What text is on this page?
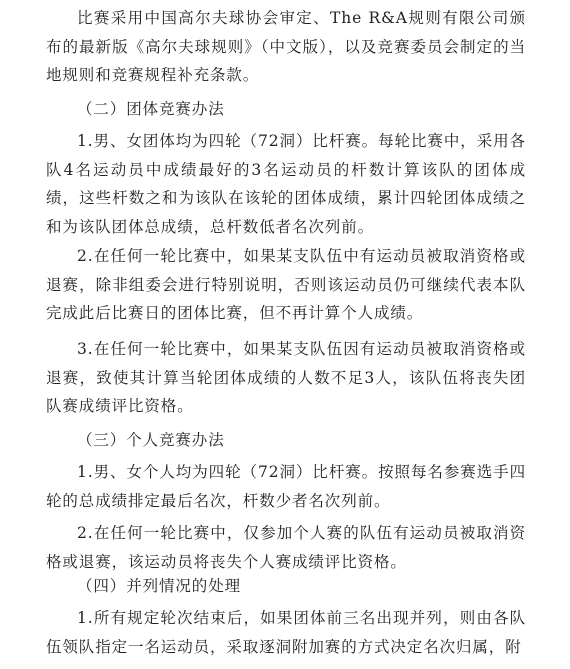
比赛采用中国高尔夫球协会审定、The R&A规则有限公司颁布的最新版《高尔夫球规则》（中文版），以及竞赛委员会制定的当地规则和竞赛规程补充条款。

（二）团体竞赛办法

1.男、女团体均为四轮（72洞）比杆赛。每轮比赛中，采用各队4名运动员中成绩最好的3名运动员的杆数计算该队的团体成绩，这些杆数之和为该队在该轮的团体成绩，累计四轮团体成绩之和为该队团体总成绩，总杆数低者名次列前。

2.在任何一轮比赛中，如果某支队伍中有运动员被取消资格或退赛，除非组委会进行特别说明，否则该运动员仍可继续代表本队完成此后比赛日的团体比赛，但不再计算个人成绩。

3.在任何一轮比赛中，如果某支队伍因有运动员被取消资格或退赛，致使其计算当轮团体成绩的人数不足3人，该队伍将丧失团队赛成绩评比资格。

（三）个人竞赛办法

1.男、女个人均为四轮（72洞）比杆赛。按照每名参赛选手四轮的总成绩排定最后名次，杆数少者名次列前。

2.在任何一轮比赛中，仅参加个人赛的队伍有运动员被取消资格或退赛，该运动员将丧失个人赛成绩评比资格。

（四）并列情况的处理

1.所有规定轮次结束后，如果团体前三名出现并列，则由各队伍领队指定一名运动员，采取逐洞附加赛的方式决定名次归属，附
